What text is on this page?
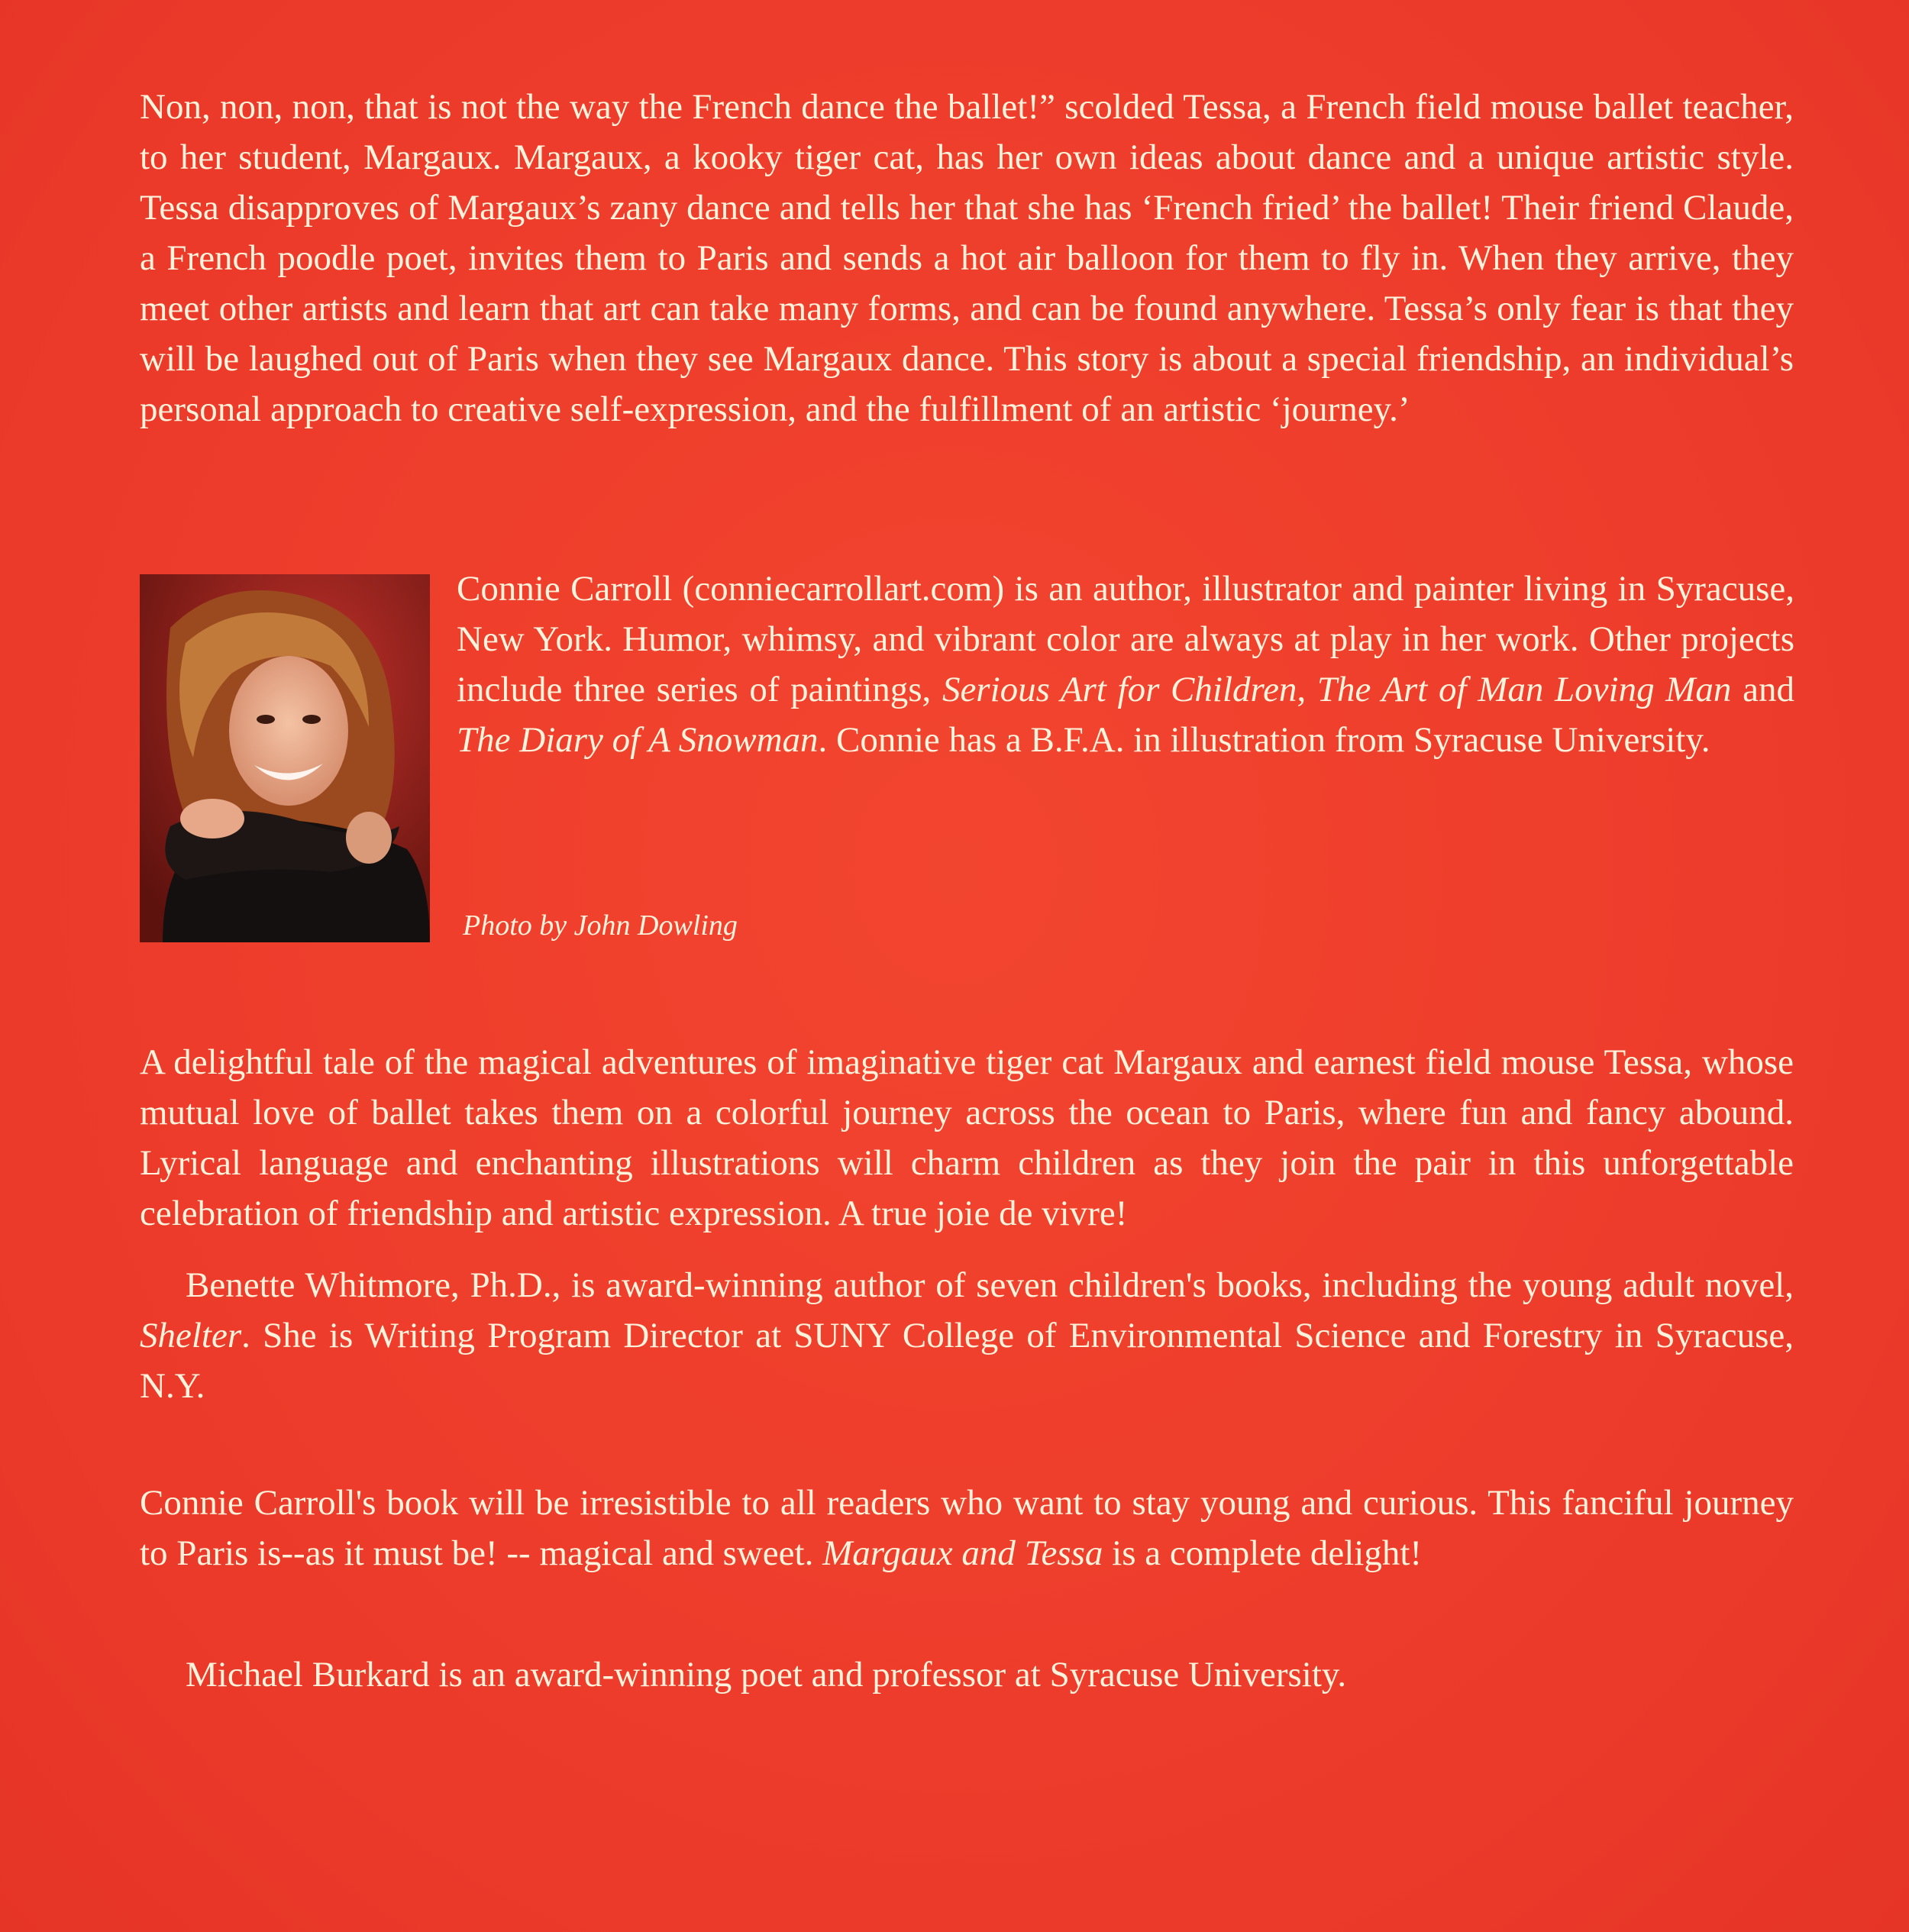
Non, non, non, that is not the way the French dance the ballet!” scolded Tessa, a French field mouse ballet teacher, to her student, Margaux. Margaux, a kooky tiger cat, has her own ideas about dance and a unique artistic style. Tessa disapproves of Margaux’s zany dance and tells her that she has ‘French fried’ the ballet! Their friend Claude, a French poodle poet, invites them to Paris and sends a hot air balloon for them to fly in. When they arrive, they meet other artists and learn that art can take many forms, and can be found anywhere. Tessa’s only fear is that they will be laughed out of Paris when they see Margaux dance. This story is about a special friendship, an individual’s personal approach to creative self-expression, and the fulfillment of an artistic ‘journey.’

Connie Carroll (conniecarrollart.com) is an author, illustrator and painter living in Syracuse, New York. Humor, whimsy, and vibrant color are always at play in her work. Other projects include three series of paintings, Serious Art for Children, The Art of Man Loving Man and The Diary of A Snowman. Connie has a B.F.A. in illustration from Syracuse University.

Photo by John Dowling

A delightful tale of the magical adventures of imaginative tiger cat Margaux and earnest field mouse Tessa, whose mutual love of ballet takes them on a colorful journey across the ocean to Paris, where fun and fancy abound. Lyrical language and enchanting illustrations will charm children as they join the pair in this unforgettable celebration of friendship and artistic expression. A true joie de vivre!

Benette Whitmore, Ph.D., is award-winning author of seven children's books, including the young adult novel, Shelter. She is Writing Program Director at SUNY College of Environmental Science and Forestry in Syracuse, N.Y.

Connie Carroll's book will be irresistible to all readers who want to stay young and curious. This fanciful journey to Paris is--as it must be! -- magical and sweet. Margaux and Tessa is a complete delight!

Michael Burkard is an award-winning poet and professor at Syracuse University.
